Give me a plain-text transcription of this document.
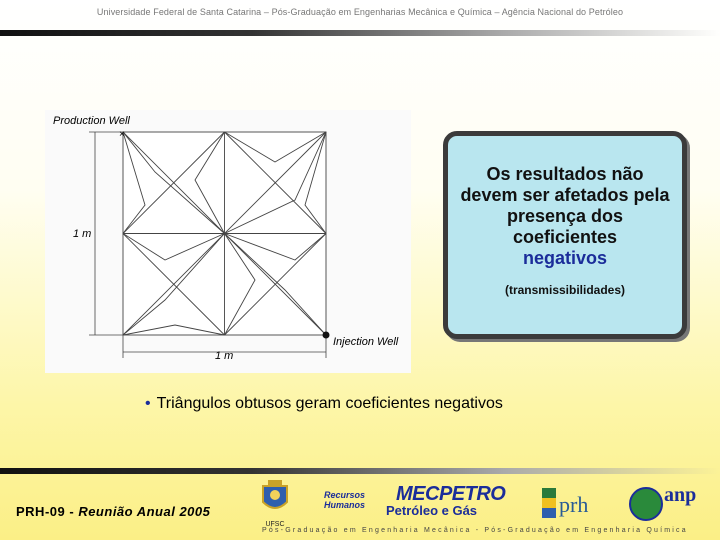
Universidade Federal de Santa Catarina – Pós-Graduação em Engenharias Mecânica e Química – Agência Nacional do Petróleo
×
Production Well
Injection Well
1 m
1 m
Os resultados não devem ser afetados pela presença dos coeficientes
negativos
(transmissibilidades)
• Triângulos obtusos geram coeficientes negativos
PRH-09 - Reunião Anual 2005
UFSC
Recursos Humanos	MECPETRO
Petróleo e Gás	prh	anp
Pós-Graduação em Engenharia Mecânica - Pós-Graduação em Engenharia Química
